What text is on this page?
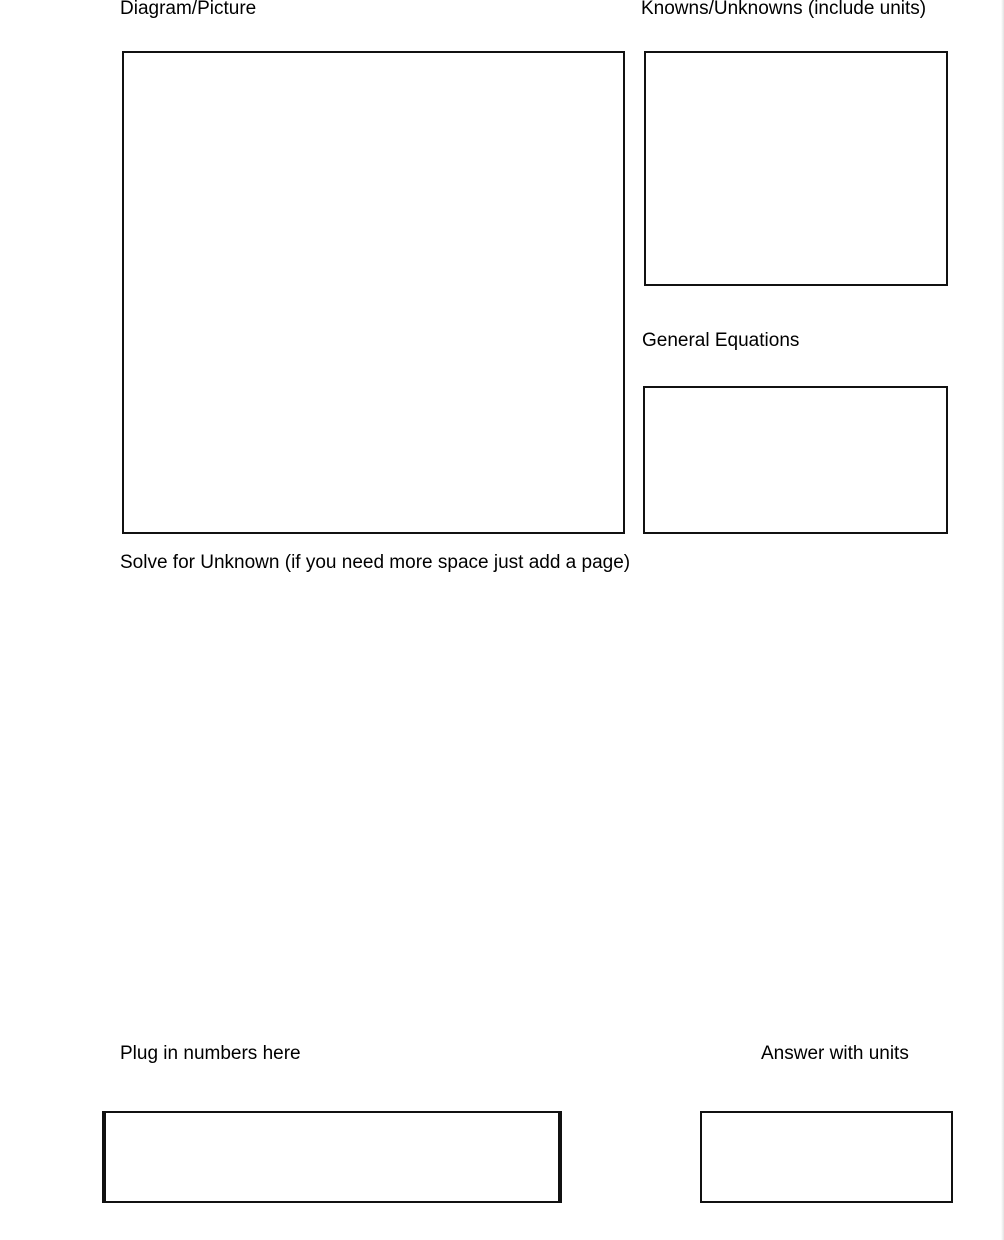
Diagram/Picture	Knowns/Unknowns (include units)
General Equations
Solve for Unknown (if you need more space just add a page)
Plug in numbers here	Answer with units
